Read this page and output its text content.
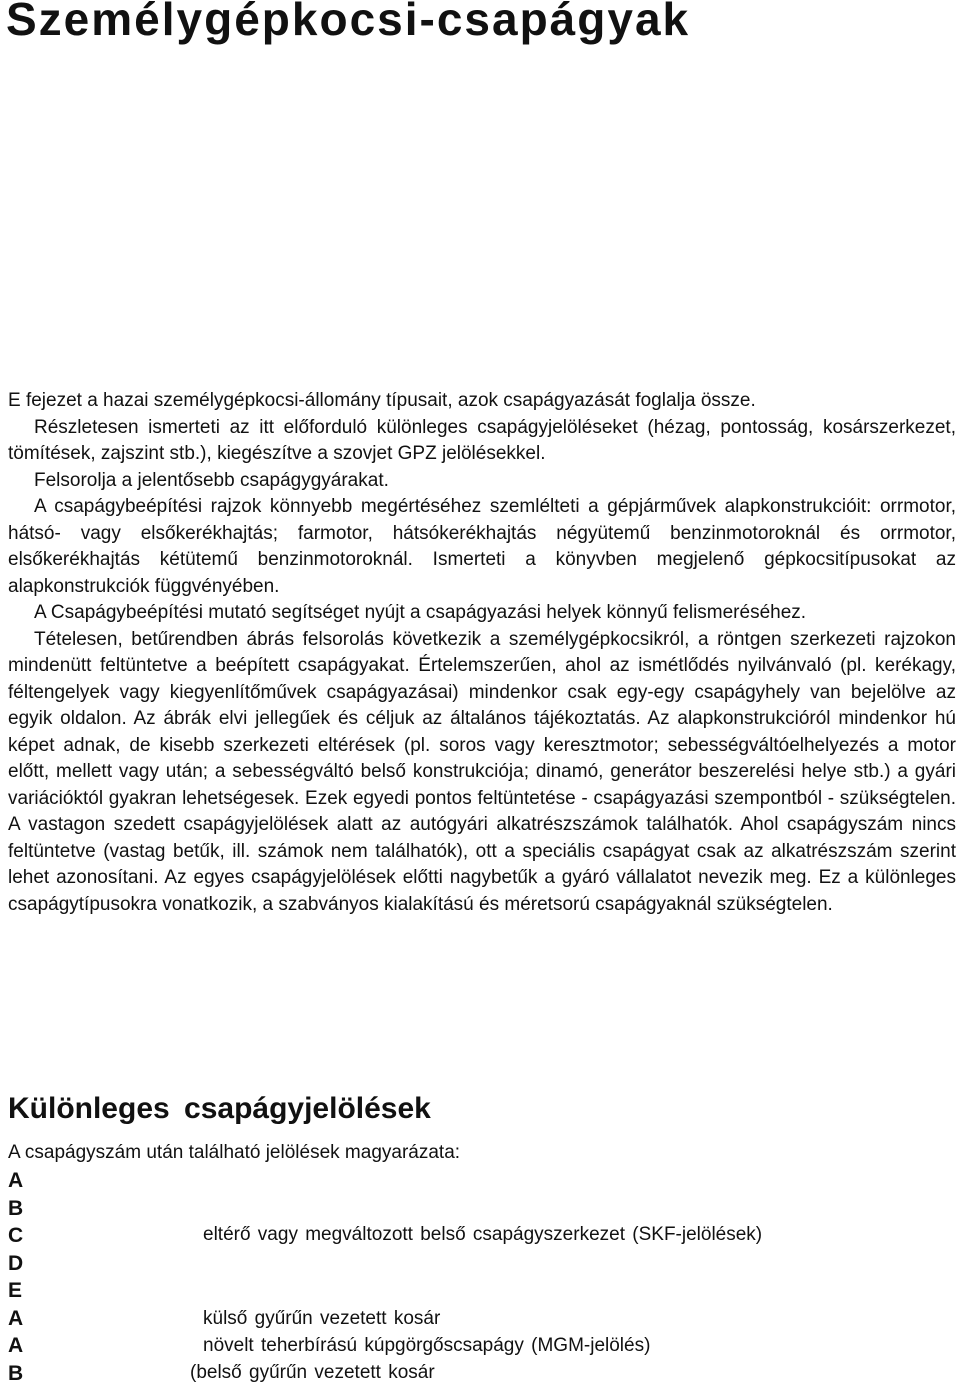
Személygépkocsi-csapágyak

E fejezet a hazai személygépkocsi-állomány típusait, azok csapágyazását foglalja össze.

Részletesen ismerteti az itt előforduló különleges csapágyjelöléseket (hézag, pontosság, kosárszerkezet, tömítések, zajszint stb.), kiegészítve a szovjet GPZ jelölésekkel.

Felsorolja a jelentősebb csapágygyárakat.

A csapágybeépítési rajzok könnyebb megértéséhez szemlélteti a gépjárművek alapkonstrukcióit: orrmotor, hátsó- vagy elsőkerékhajtás; farmotor, hátsókerékhajtás négyütemű benzinmotoroknál és orrmotor, elsőkerékhajtás kétütemű benzinmotoroknál. Ismerteti a könyvben megjelenő gépkocsitípusokat az alapkonstrukciók függvényében.

A Csapágybeépítési mutató segítséget nyújt a csapágyazási helyek könnyű felismeréséhez.

Tételesen, betűrendben ábrás felsorolás következik a személygépkocsikról, a röntgen szerkezeti rajzokon mindenütt feltüntetve a beépített csapágyakat. Értelemszerűen, ahol az ismétlődés nyilvánvaló (pl. kerékagy, féltengelyek vagy kiegyenlítőművek csapágyazásai) mindenkor csak egy-egy csapágyhely van bejelölve az egyik oldalon. Az ábrák elvi jellegűek és céljuk az általános tájékoztatás. Az alapkonstrukcióról mindenkor hú képet adnak, de kisebb szerkezeti eltérések (pl. soros vagy keresztmotor; sebességváltóelhelyezés a motor előtt, mellett vagy után; a sebességváltó belső konstrukciója; dinamó, generátor beszerelési helye stb.) a gyári variációktól gyakran lehetségesek. Ezek egyedi pontos feltüntetése - csapágyazási szempontból - szükségtelen. A vastagon szedett csapágyjelölések alatt az autógyári alkatrészszámok találhatók. Ahol csapágyszám nincs feltüntetve (vastag betűk, ill. számok nem találhatók), ott a speciális csapágyat csak az alkatrészszám szerint lehet azonosítani. Az egyes csapágyjelölések előtti nagybetűk a gyáró vállalatot nevezik meg. Ez a különleges csapágytípusokra vonatkozik, a szabványos kialakítású és méretsorú csapágyaknál szükségtelen.

Különleges csapágyjelölések
A csapágyszám után található jelölések magyarázata:
A
B
C
D
E
A
A
B
eltérő vagy megváltozott belső csapágyszerkezet (SKF-jelölések)
külső gyűrűn vezetett kosár
növelt teherbírású kúpgörgőscsapágy (MGM-jelölés)
(belső gyűrűn vezetett kosár
